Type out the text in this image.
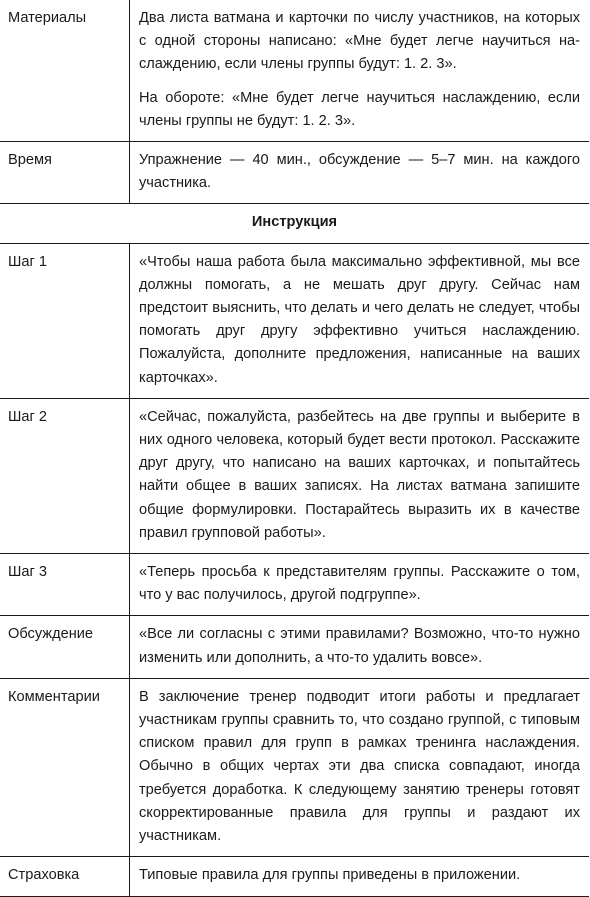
Материалы	Два листа ватмана и карточки по числу участников, на которых с одной стороны написано: «Мне будет легче научиться наслаждению, если члены группы будут: 1. 2. 3».

На обороте: «Мне будет легче научиться наслаждению, если члены группы не будут: 1. 2. 3».

Время	Упражнение — 40 мин., обсуждение — 5–7 мин. на каждого участника.
Инструкция	
Шаг 1	«Чтобы наша работа была максимально эффективной, мы все должны помогать, а не мешать друг другу. Сейчас нам предстоит выяснить, что делать и чего делать не следует, чтобы помогать друг другу эффективно учиться наслаждению. Пожалуйста, дополните предложения, написанные на ваших карточках».
Шаг 2	«Сейчас, пожалуйста, разбейтесь на две группы и выберите в них одного человека, который будет вести протокол. Расскажите друг другу, что написано на ваших карточках, и попытайтесь найти общее в ваших записях. На листах ватмана запишите общие формулировки. Постарайтесь выразить их в качестве правил групповой работы».
Шаг 3	«Теперь просьба к представителям группы. Расскажите о том, что у вас получилось, другой подгруппе».
Обсуждение	«Все ли согласны с этими правилами? Возможно, что-то нужно изменить или дополнить, а что-то удалить вовсе».
Комментарии	В заключение тренер подводит итоги работы и предлагает участникам группы сравнить то, что создано группой, с типовым списком правил для групп в рамках тренинга наслаждения. Обычно в общих чертах эти два списка совпадают, иногда требуется доработка. К следующему занятию тренеры готовят скорректированные правила для группы и раздают их участникам.
Страховка	Типовые правила для группы приведены в приложении.
